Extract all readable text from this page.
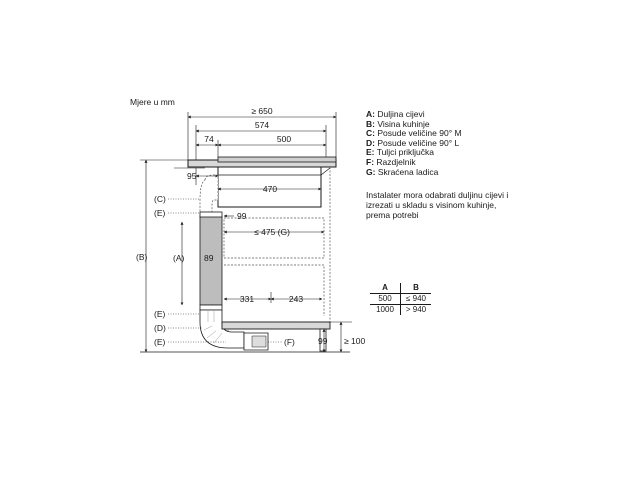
Mjere u mm
≥ 650
574
74	500
95
470
99
≤ 475 (G)
89
331	243
99 ≥ 100
(B)
(C)
(E)
(A)
(E)
(D)
(E)	(F)
A: Duljina cijevi
B: Visina kuhinje
C: Posude veličine 90° M
D: Posude veličine 90° L
E: Tuljci priključka
F: Razdjelnik
G: Skraćena ladica
Instalater mora odabrati duljinu cijevi i izrezati u skladu s visinom kuhinje, prema potrebi
A	B
500	≤ 940
1000	> 940
